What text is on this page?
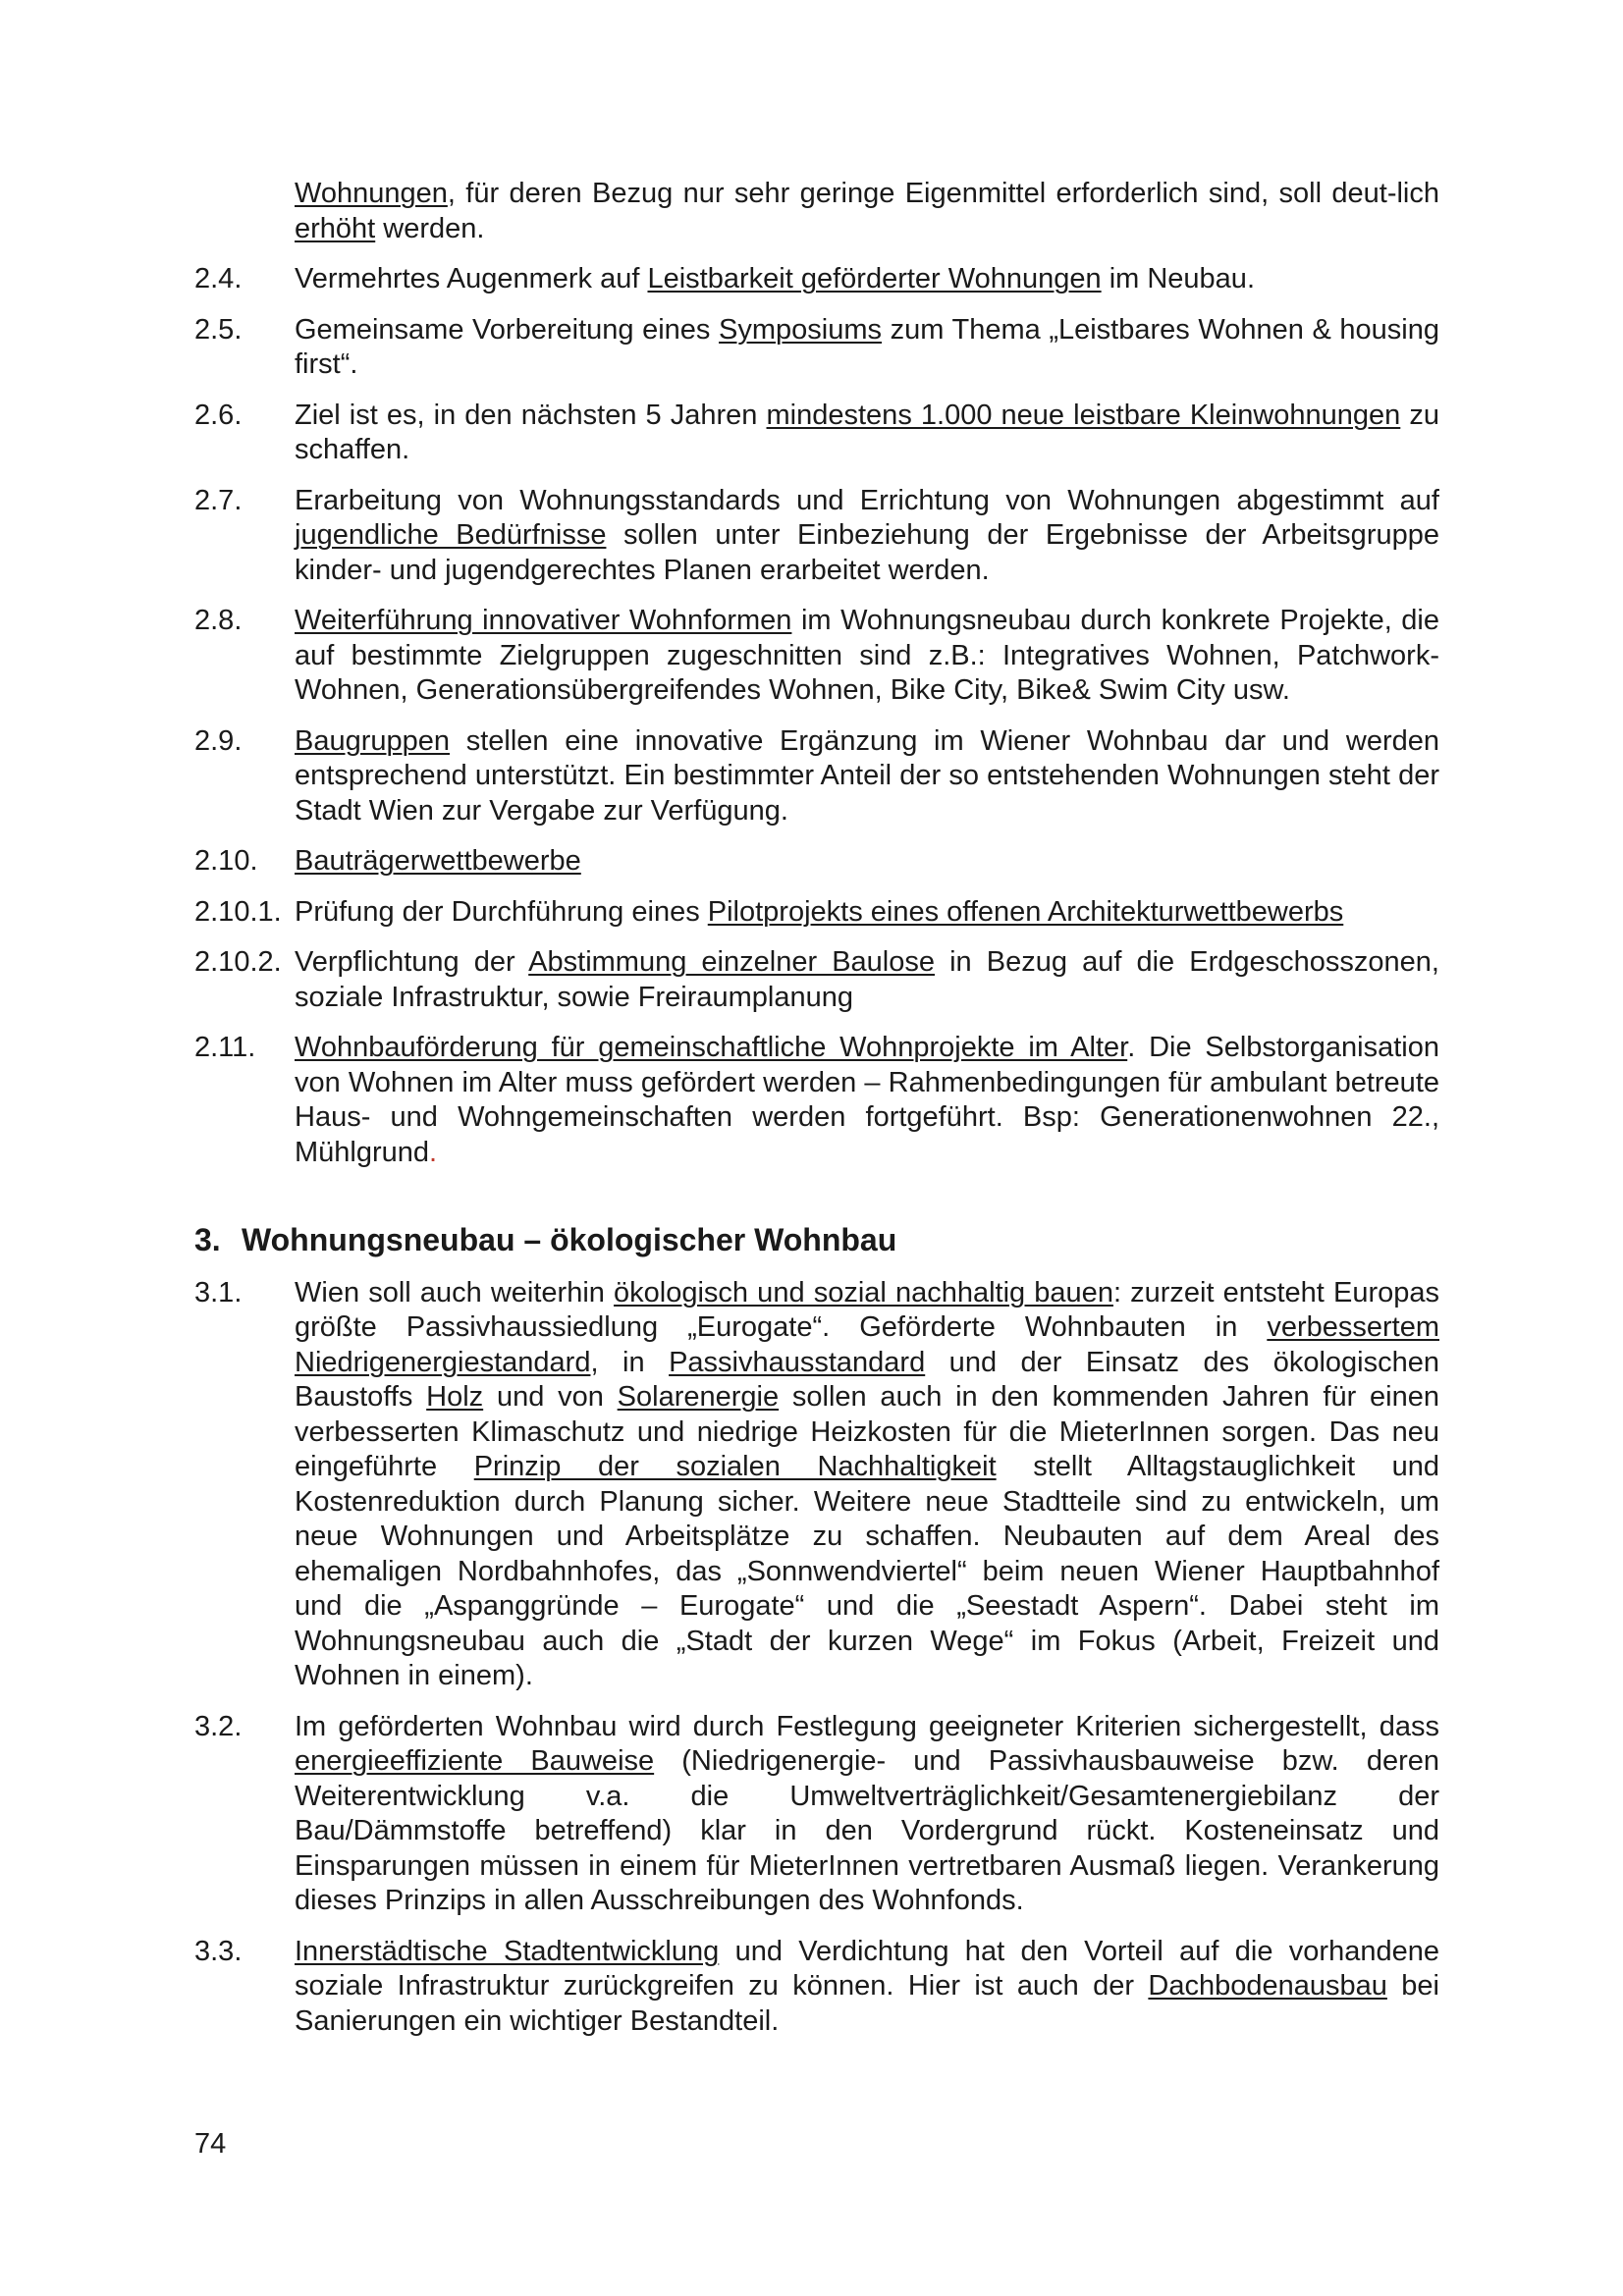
Wohnungen, für deren Bezug nur sehr geringe Eigenmittel erforderlich sind, soll deut-lich erhöht werden.
2.4.	Vermehrtes Augenmerk auf Leistbarkeit geförderter Wohnungen im Neubau.
2.5.	Gemeinsame Vorbereitung eines Symposiums zum Thema „Leistbares Wohnen & housing first“.
2.6.	Ziel ist es, in den nächsten 5 Jahren mindestens 1.000 neue leistbare Kleinwohnungen zu schaffen.
2.7.	Erarbeitung von Wohnungsstandards und Errichtung von Wohnungen abgestimmt auf jugendliche Bedürfnisse sollen unter Einbeziehung der Ergebnisse der Arbeitsgruppe kinder- und jugendgerechtes Planen erarbeitet werden.
2.8.	Weiterführung innovativer Wohnformen im Wohnungsneubau durch konkrete Projekte, die auf bestimmte Zielgruppen zugeschnitten sind z.B.: Integratives Wohnen, Patchwork-Wohnen, Generationsübergreifendes Wohnen, Bike City, Bike& Swim City usw.
2.9.	Baugruppen stellen eine innovative Ergänzung im Wiener Wohnbau dar und werden entsprechend unterstützt. Ein bestimmter Anteil der so entstehenden Wohnungen steht der Stadt Wien zur Vergabe zur Verfügung.
2.10.	Bauträgerwettbewerbe
2.10.1. Prüfung der Durchführung eines Pilotprojekts eines offenen Architekturwettbewerbs
2.10.2. Verpflichtung der Abstimmung einzelner Baulose in Bezug auf die Erdgeschosszonen, soziale Infrastruktur, sowie Freiraumplanung
2.11.	Wohnbauförderung für gemeinschaftliche Wohnprojekte im Alter. Die Selbstorganisation von Wohnen im Alter muss gefördert werden – Rahmenbedingungen für ambulant betreute Haus- und Wohngemeinschaften werden fortgeführt. Bsp: Generationenwohnen 22., Mühlgrund.
3. Wohnungsneubau – ökologischer Wohnbau
3.1.	Wien soll auch weiterhin ökologisch und sozial nachhaltig bauen: zurzeit entsteht Europas größte Passivhaussiedlung „Eurogate“. Geförderte Wohnbauten in verbessertem Niedrigenergiestandard, in Passivhausstandard und der Einsatz des ökologischen Baustoffs Holz und von Solarenergie sollen auch in den kommenden Jahren für einen verbesserten Klimaschutz und niedrige Heizkosten für die MieterInnen sorgen. Das neu eingeführte Prinzip der sozialen Nachhaltigkeit stellt Alltagstauglichkeit und Kostenreduktion durch Planung sicher. Weitere neue Stadtteile sind zu entwickeln, um neue Wohnungen und Arbeitsplätze zu schaffen. Neubauten auf dem Areal des ehemaligen Nordbahnhofes, das „Sonnwendviertel“ beim neuen Wiener Hauptbahnhof und die „Aspanggründe – Eurogate“ und die „Seestadt Aspern“. Dabei steht im Wohnungsneubau auch die „Stadt der kurzen Wege“ im Fokus (Arbeit, Freizeit und Wohnen in einem).
3.2.	Im geförderten Wohnbau wird durch Festlegung geeigneter Kriterien sichergestellt, dass energieeffiziente Bauweise (Niedrigenergie- und Passivhausbauweise bzw. deren Weiterentwicklung v.a. die Umweltverträglichkeit/Gesamtenergiebilanz der Bau/Dämmstoffe betreffend) klar in den Vordergrund rückt. Kosteneinsatz und Einsparungen müssen in einem für MieterInnen vertretbaren Ausmaß liegen. Verankerung dieses Prinzips in allen Ausschreibungen des Wohnfonds.
3.3.	Innerstädtische Stadtentwicklung und Verdichtung hat den Vorteil auf die vorhandene soziale Infrastruktur zurückgreifen zu können. Hier ist auch der Dachbodenausbau bei Sanierungen ein wichtiger Bestandteil.
74
